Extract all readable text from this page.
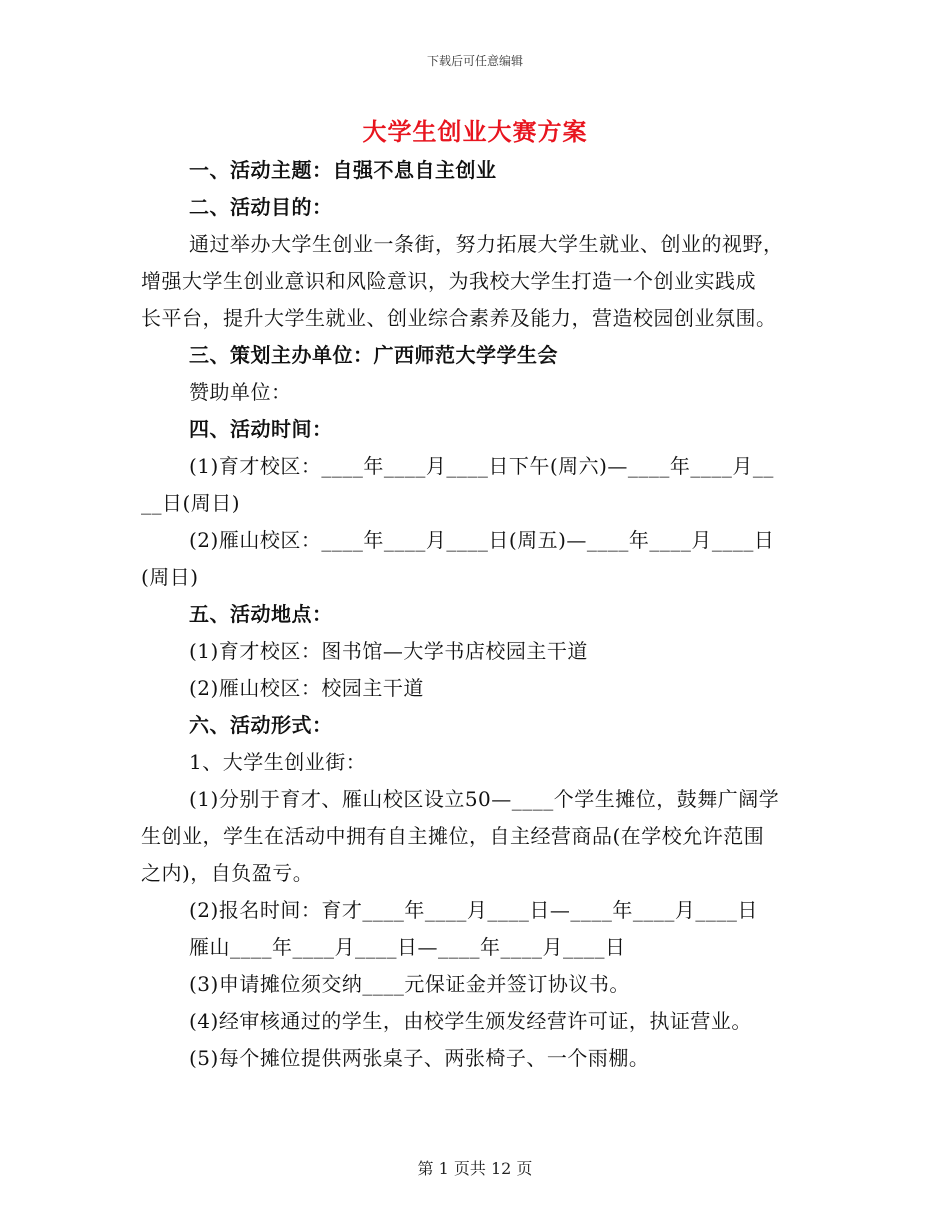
下载后可任意编辑
大学生创业大赛方案
一、活动主题：自强不息自主创业
二、活动目的：
通过举办大学生创业一条街，努力拓展大学生就业、创业的视野，
增强大学生创业意识和风险意识，为我校大学生打造一个创业实践成
长平台，提升大学生就业、创业综合素养及能力，营造校园创业氛围。
三、策划主办单位：广西师范大学学生会
赞助单位：
四、活动时间：
(1)育才校区：____年____月____日下午(周六)—____年____月__
__日(周日)
(2)雁山校区：____年____月____日(周五)—____年____月____日
(周日)
五、活动地点：
(1)育才校区：图书馆—大学书店校园主干道
(2)雁山校区：校园主干道
六、活动形式：
1、大学生创业街：
(1)分别于育才、雁山校区设立50—____个学生摊位，鼓舞广阔学
生创业，学生在活动中拥有自主摊位，自主经营商品(在学校允许范围
之内)，自负盈亏。
(2)报名时间：育才____年____月____日—____年____月____日
雁山____年____月____日—____年____月____日
(3)申请摊位须交纳____元保证金并签订协议书。
(4)经审核通过的学生，由校学生颁发经营许可证，执证营业。
(5)每个摊位提供两张桌子、两张椅子、一个雨棚。
第 1 页共 12 页
